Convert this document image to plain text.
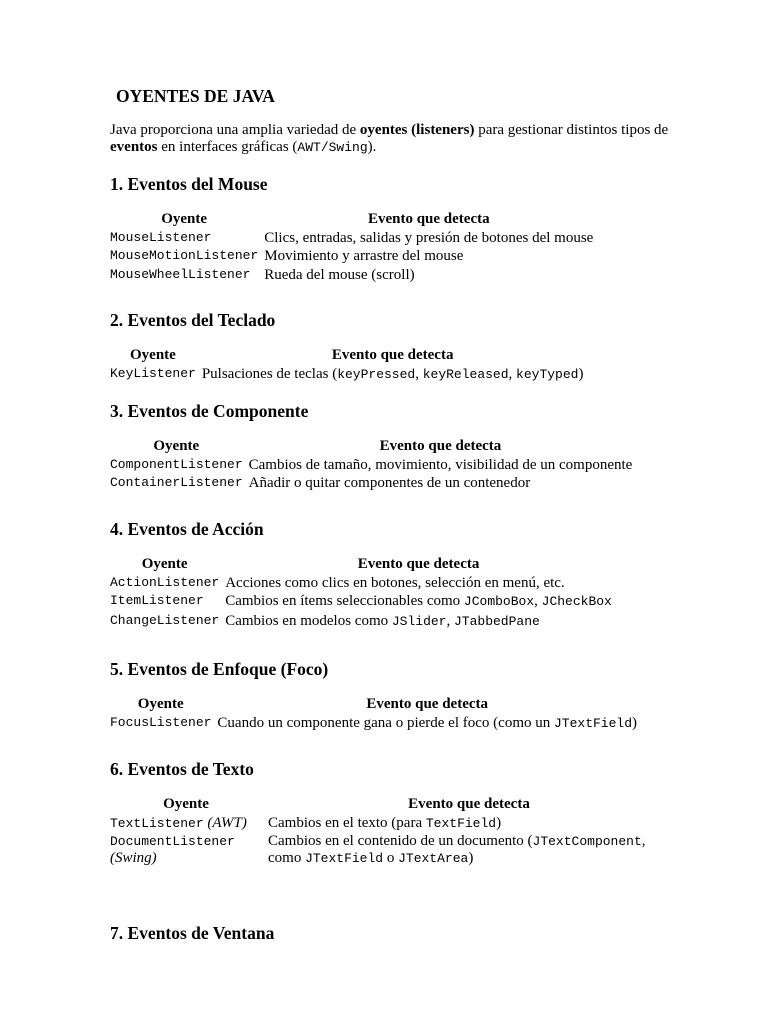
OYENTES DE JAVA

Java proporciona una amplia variedad de oyentes (listeners) para gestionar distintos tipos de eventos en interfaces gráficas (AWT/Swing).

1. Eventos del Mouse
Oyente	Evento que detecta
MouseListener	Clics, entradas, salidas y presión de botones del mouse
MouseMotionListener	Movimiento y arrastre del mouse
MouseWheelListener	Rueda del mouse (scroll)
2. Eventos del Teclado
Oyente	Evento que detecta
KeyListener	Pulsaciones de teclas (keyPressed, keyReleased, keyTyped)
3. Eventos de Componente
Oyente	Evento que detecta
ComponentListener	Cambios de tamaño, movimiento, visibilidad de un componente
ContainerListener	Añadir o quitar componentes de un contenedor
4. Eventos de Acción
Oyente	Evento que detecta
ActionListener	Acciones como clics en botones, selección en menú, etc.
ItemListener	Cambios en ítems seleccionables como JComboBox, JCheckBox
ChangeListener	Cambios en modelos como JSlider, JTabbedPane
5. Eventos de Enfoque (Foco)
Oyente	Evento que detecta
FocusListener	Cuando un componente gana o pierde el foco (como un JTextField)
6. Eventos de Texto
Oyente	Evento que detecta
TextListener (AWT)	Cambios en el texto (para TextField)
DocumentListener
(Swing)	Cambios en el contenido de un documento (JTextComponent, como JTextField o JTextArea)
7. Eventos de Ventana
